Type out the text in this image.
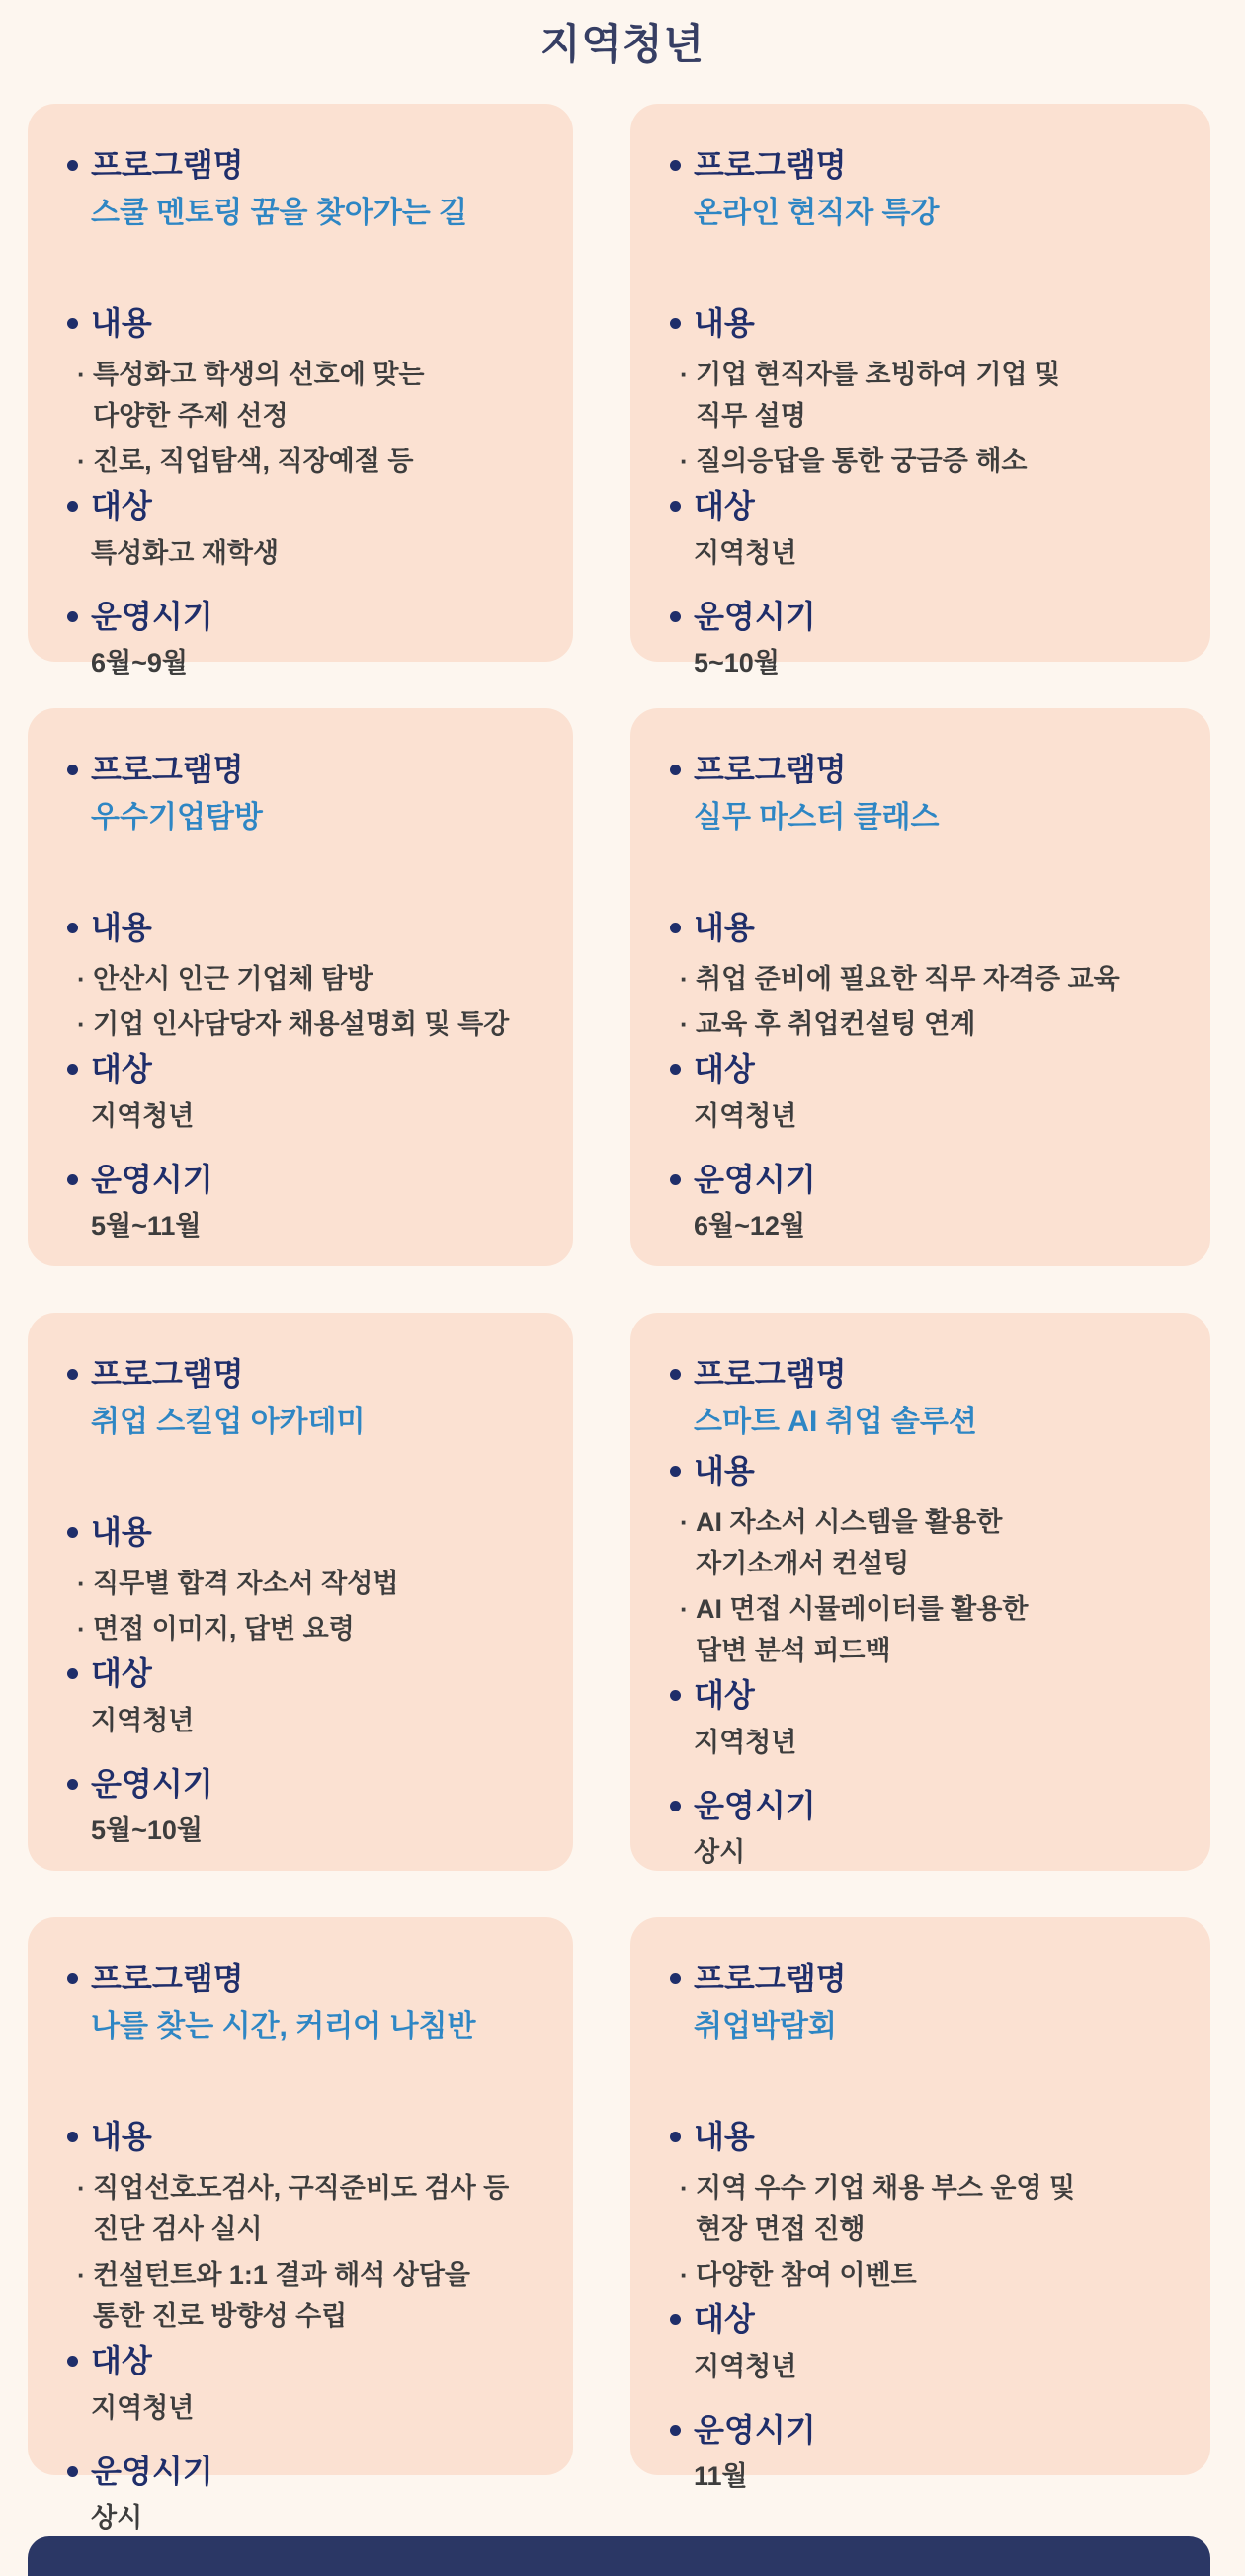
지역청년
프로그램명
스쿨 멘토링 꿈을 찾아가는 길
내용
· 특성화고 학생의 선호에 맞는
다양한 주제 선정
· 진로, 직업탐색, 직장예절 등
대상
특성화고 재학생
운영시기
6월~9월
프로그램명
온라인 현직자 특강
내용
· 기업 현직자를 초빙하여 기업 및
직무 설명
· 질의응답을 통한 궁금증 해소
대상
지역청년
운영시기
5~10월
프로그램명
우수기업탐방
내용
· 안산시 인근 기업체 탐방
· 기업 인사담당자 채용설명회 및 특강
대상
지역청년
운영시기
5월~11월
프로그램명
실무 마스터 클래스
내용
· 취업 준비에 필요한 직무 자격증 교육
· 교육 후 취업컨설팅 연계
대상
지역청년
운영시기
6월~12월
프로그램명
취업 스킬업 아카데미
내용
· 직무별 합격 자소서 작성법
· 면접 이미지, 답변 요령
대상
지역청년
운영시기
5월~10월
프로그램명
스마트 AI 취업 솔루션
내용
· AI 자소서 시스템을 활용한
자기소개서 컨설팅
· AI 면접 시뮬레이터를 활용한
답변 분석 피드백
대상
지역청년
운영시기
상시
프로그램명
나를 찾는 시간, 커리어 나침반
내용
· 직업선호도검사, 구직준비도 검사 등
진단 검사 실시
· 컨설턴트와 1:1 결과 해석 상담을
통한 진로 방향성 수립
대상
지역청년
운영시기
상시
프로그램명
취업박람회
내용
· 지역 우수 기업 채용 부스 운영 및
현장 면접 진행
· 다양한 참여 이벤트
대상
지역청년
운영시기
11월
